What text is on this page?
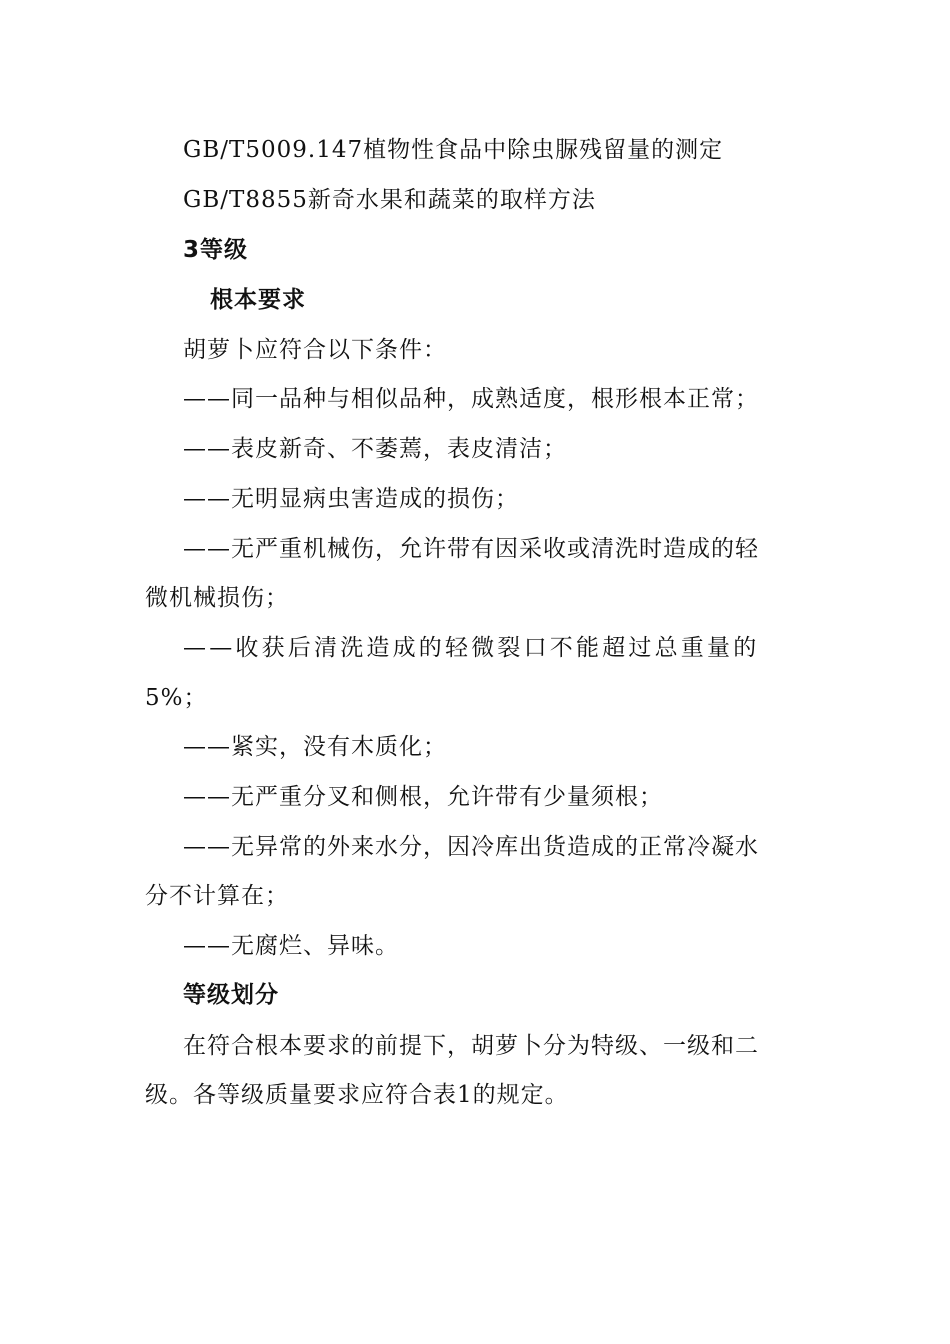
GB/T5009.147植物性食品中除虫脲残留量的测定
GB/T8855新奇水果和蔬菜的取样方法
3等级
根本要求
胡萝卜应符合以下条件：
——同一品种与相似品种，成熟适度，根形根本正常；
——表皮新奇、不萎蔫，表皮清洁；
——无明显病虫害造成的损伤；
——无严重机械伤，允许带有因采收或清洗时造成的轻
微机械损伤；
——收获后清洗造成的轻微裂口不能超过总重量的
5%；
——紧实，没有木质化；
——无严重分叉和侧根，允许带有少量须根；
——无异常的外来水分，因冷库出货造成的正常冷凝水
分不计算在；
——无腐烂、异味。
等级划分
在符合根本要求的前提下，胡萝卜分为特级、一级和二
级。各等级质量要求应符合表1的规定。
